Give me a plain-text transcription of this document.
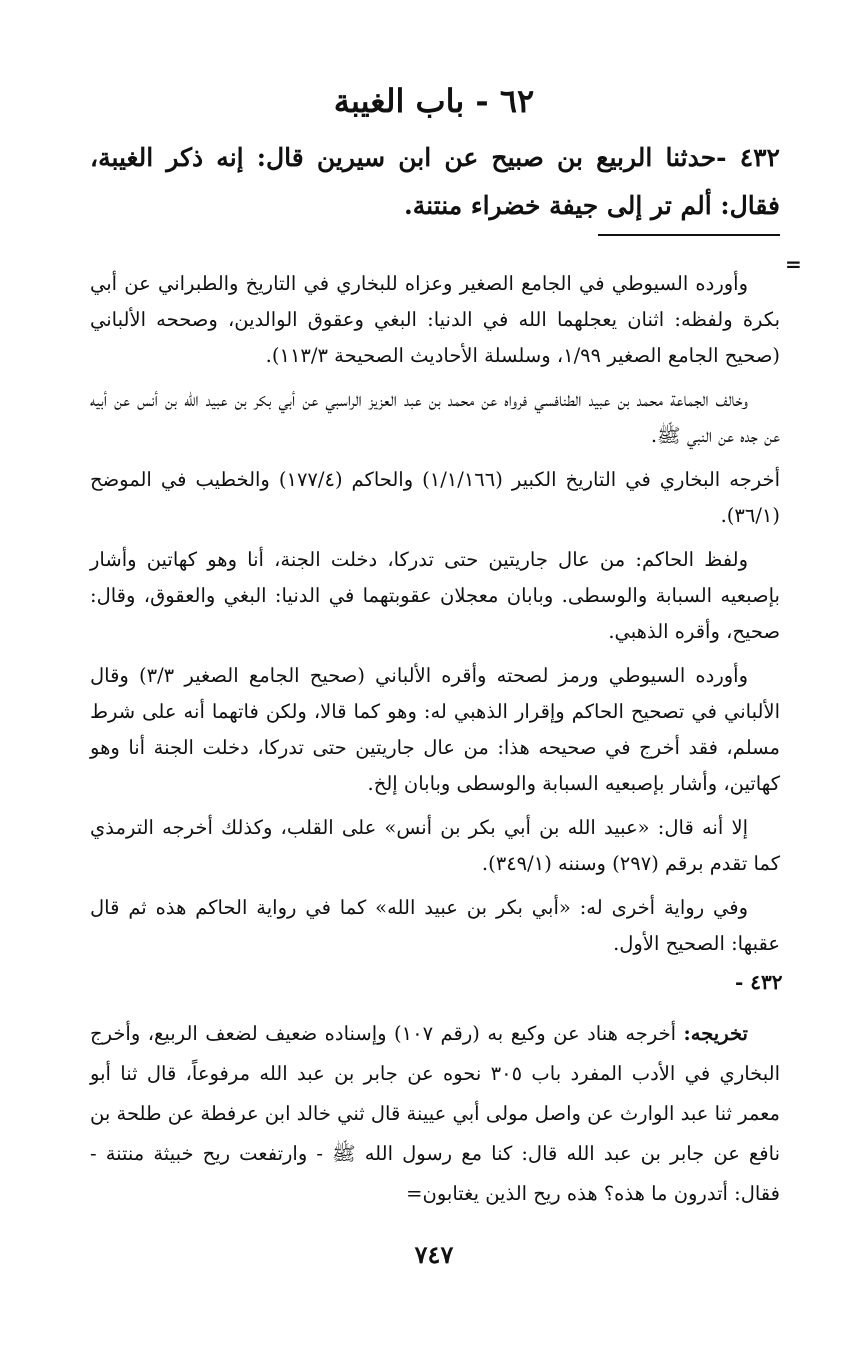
٦٢ - باب الغيبة

٤٣٢ -حدثنا الربيع بن صبيح عن ابن سيرين قال: إنه ذكر الغيبة، فقال: ألم تر إلى جيفة خضراء منتنة.

=

وأورده السيوطي في الجامع الصغير وعزاه للبخاري في التاريخ والطبراني عن أبي بكرة ولفظه: اثنان يعجلهما الله في الدنيا: البغي وعقوق الوالدين، وصححه الألباني (صحيح الجامع الصغير ١/٩٩، وسلسلة الأحاديث الصحيحة ١١٣/٣).

وخالف الجماعة محمد بن عبيد الطنافسي فرواه عن محمد بن عبد العزيز الراسبي عن أبي بكر بن عبيد الله بن أنس عن أبيه عن جده عن النبي ﷺ.

أخرجه البخاري في التاريخ الكبير (١/١/١٦٦) والحاكم (١٧٧/٤) والخطيب في الموضح (٣٦/١).

ولفظ الحاكم: من عال جاريتين حتى تدركا، دخلت الجنة، أنا وهو كهاتين وأشار بإصبعيه السبابة والوسطى. وبابان معجلان عقوبتهما في الدنيا: البغي والعقوق، وقال: صحيح، وأقره الذهبي.

وأورده السيوطي ورمز لصحته وأقره الألباني (صحيح الجامع الصغير ٣/٣) وقال الألباني في تصحيح الحاكم وإقرار الذهبي له: وهو كما قالا، ولكن فاتهما أنه على شرط مسلم، فقد أخرج في صحيحه هذا: من عال جاريتين حتى تدركا، دخلت الجنة أنا وهو كهاتين، وأشار بإصبعيه السبابة والوسطى وبابان إلخ.

إلا أنه قال: «عبيد الله بن أبي بكر بن أنس» على القلب، وكذلك أخرجه الترمذي كما تقدم برقم (٢٩٧) وسننه (٣٤٩/١).

وفي رواية أخرى له: «أبي بكر بن عبيد الله» كما في رواية الحاكم هذه ثم قال عقبها: الصحيح الأول.

٤٣٢ -

تخريجه: أخرجه هناد عن وكيع به (رقم ١٠٧) وإسناده ضعيف لضعف الربيع، وأخرج البخاري في الأدب المفرد باب ٣٠٥ نحوه عن جابر بن عبد الله مرفوعاً، قال ثنا أبو معمر ثنا عبد الوارث عن واصل مولى أبي عيينة قال ثني خالد ابن عرفطة عن طلحة بن نافع عن جابر بن عبد الله قال: كنا مع رسول الله ﷺ - وارتفعت ريح خبيثة منتنة - فقال: أتدرون ما هذه؟ هذه ريح الذين يغتابون=

٧٤٧
